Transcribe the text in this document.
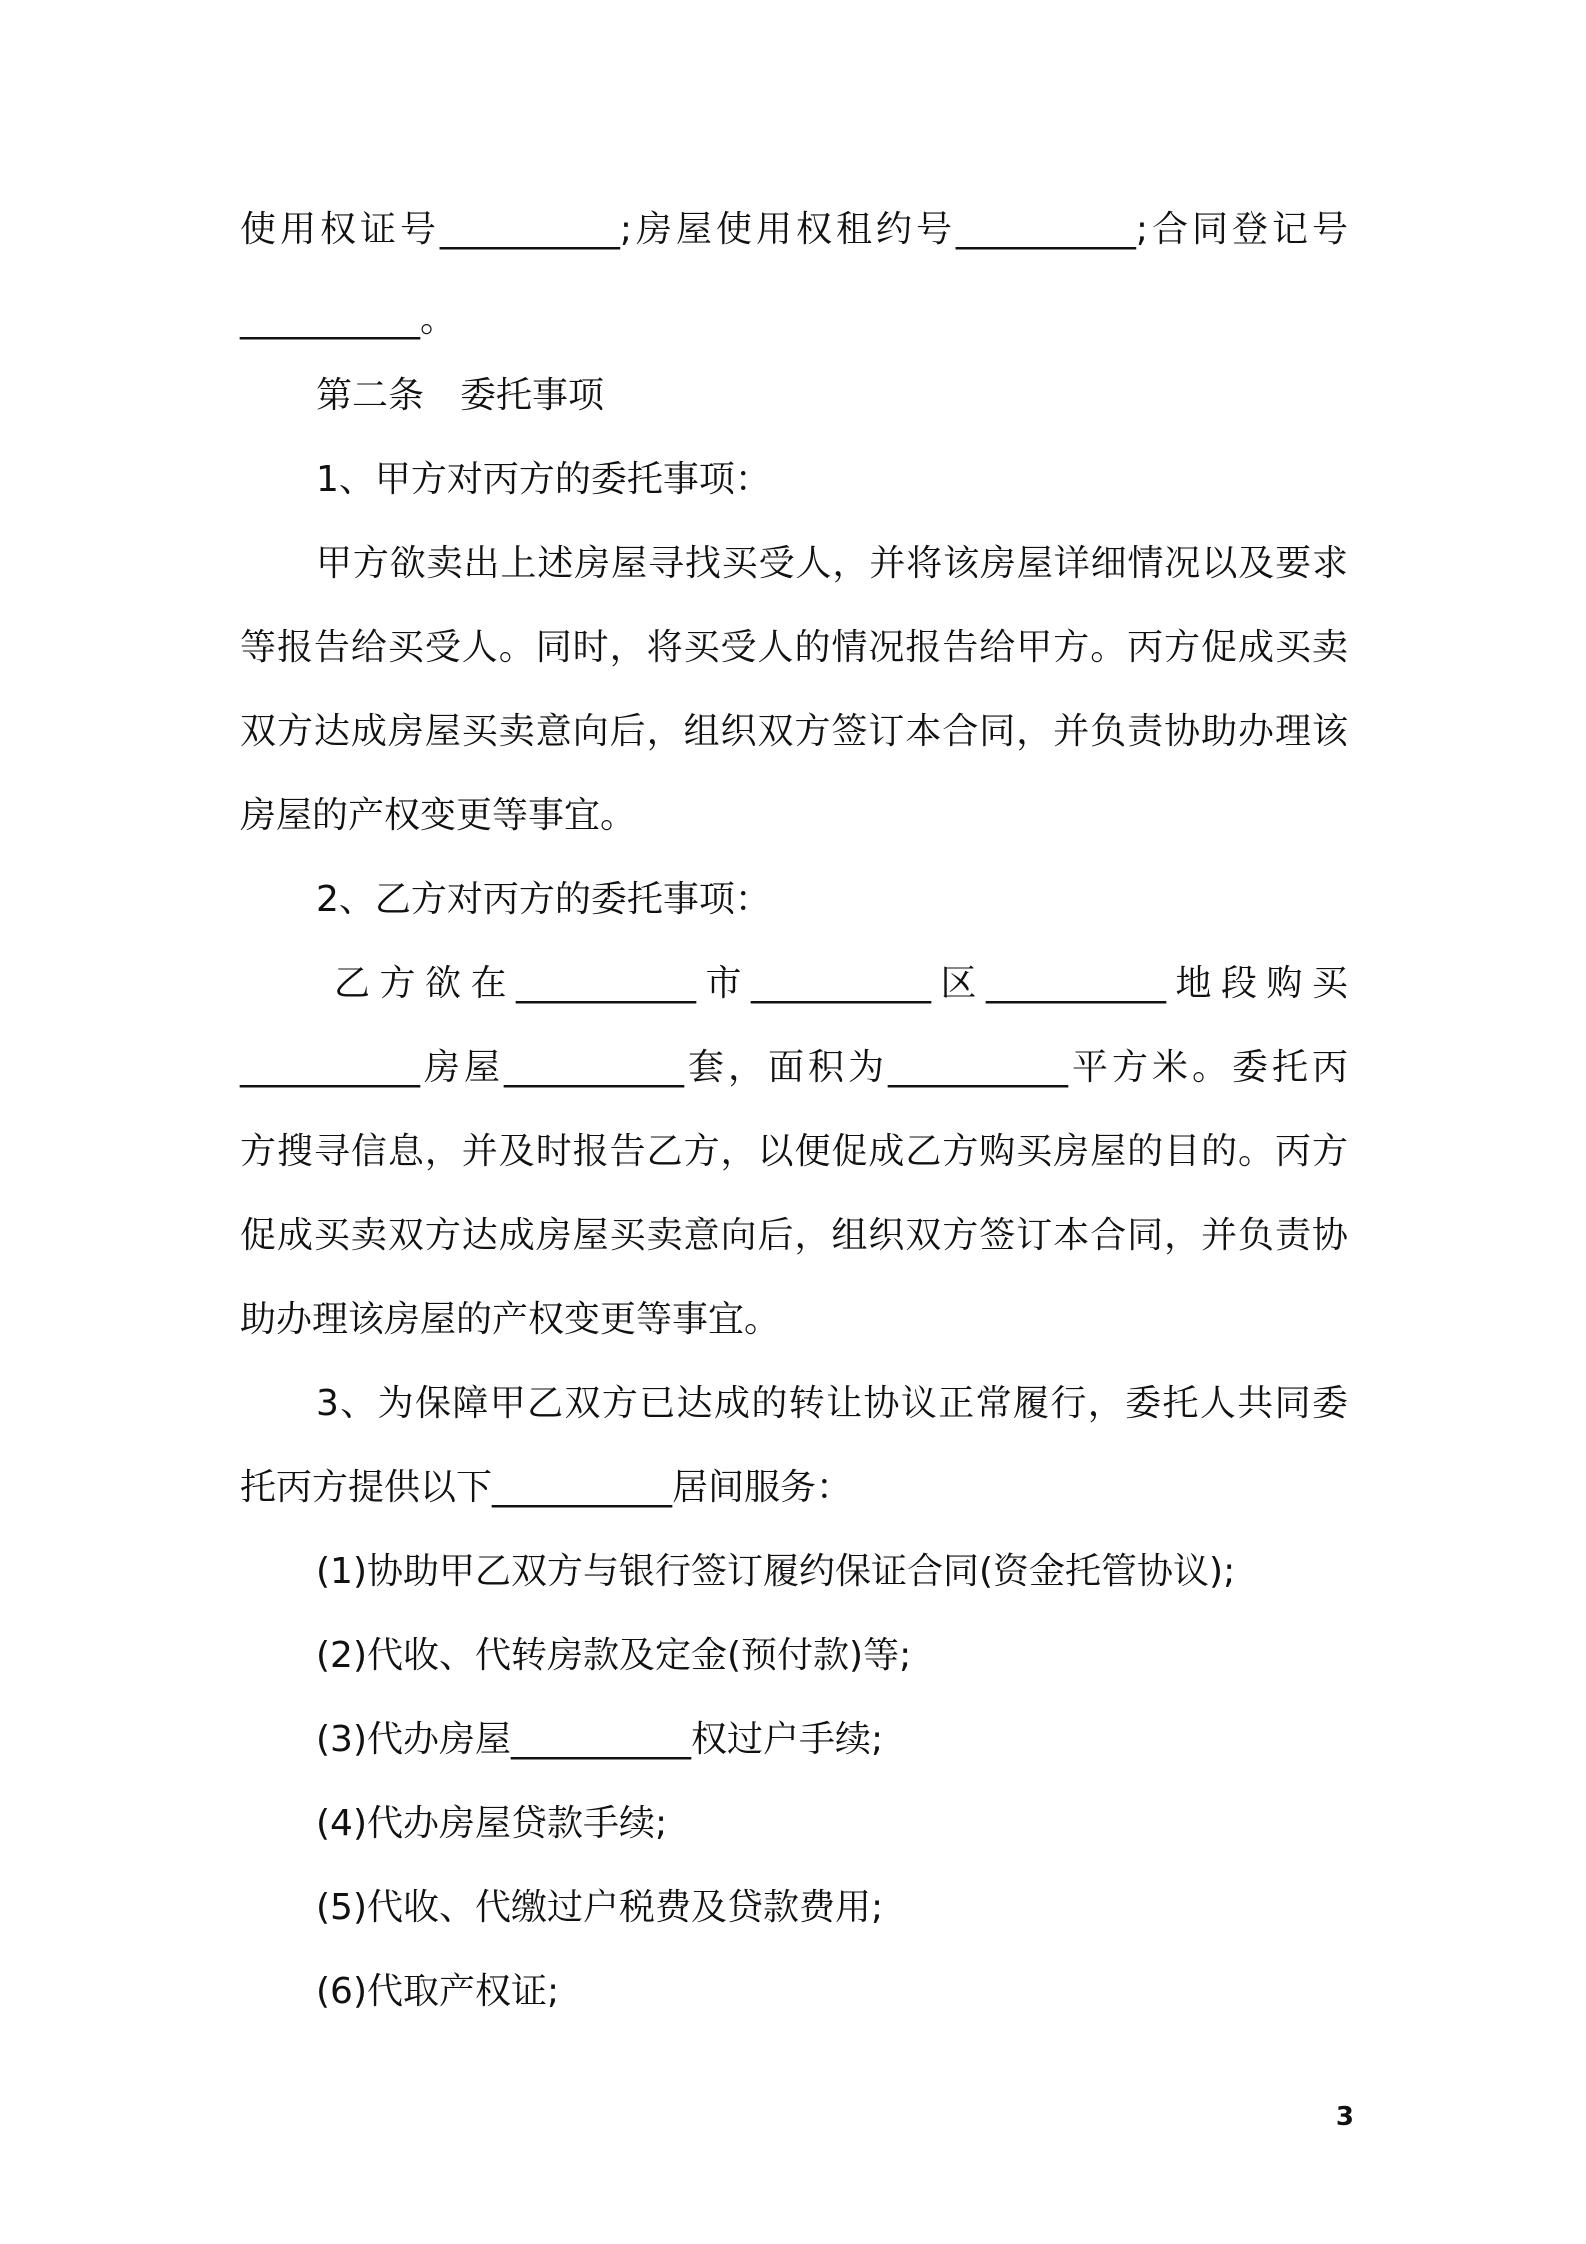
使用权证号__________;房屋使用权租约号__________;合同登记号

__________。

第二条　委托事项

1、甲方对丙方的委托事项：

甲方欲卖出上述房屋寻找买受人，并将该房屋详细情况以及要求

等报告给买受人。同时，将买受人的情况报告给甲方。丙方促成买卖

双方达成房屋买卖意向后，组织双方签订本合同，并负责协助办理该

房屋的产权变更等事宜。

2、乙方对丙方的委托事项：

乙方欲在__________市__________区__________地段购买

__________房屋__________套，面积为__________平方米。委托丙

方搜寻信息，并及时报告乙方，以便促成乙方购买房屋的目的。丙方

促成买卖双方达成房屋买卖意向后，组织双方签订本合同，并负责协

助办理该房屋的产权变更等事宜。

3、为保障甲乙双方已达成的转让协议正常履行，委托人共同委

托丙方提供以下__________居间服务：

(1)协助甲乙双方与银行签订履约保证合同(资金托管协议);

(2)代收、代转房款及定金(预付款)等;

(3)代办房屋__________权过户手续;

(4)代办房屋贷款手续;

(5)代收、代缴过户税费及贷款费用;

(6)代取产权证;

3
